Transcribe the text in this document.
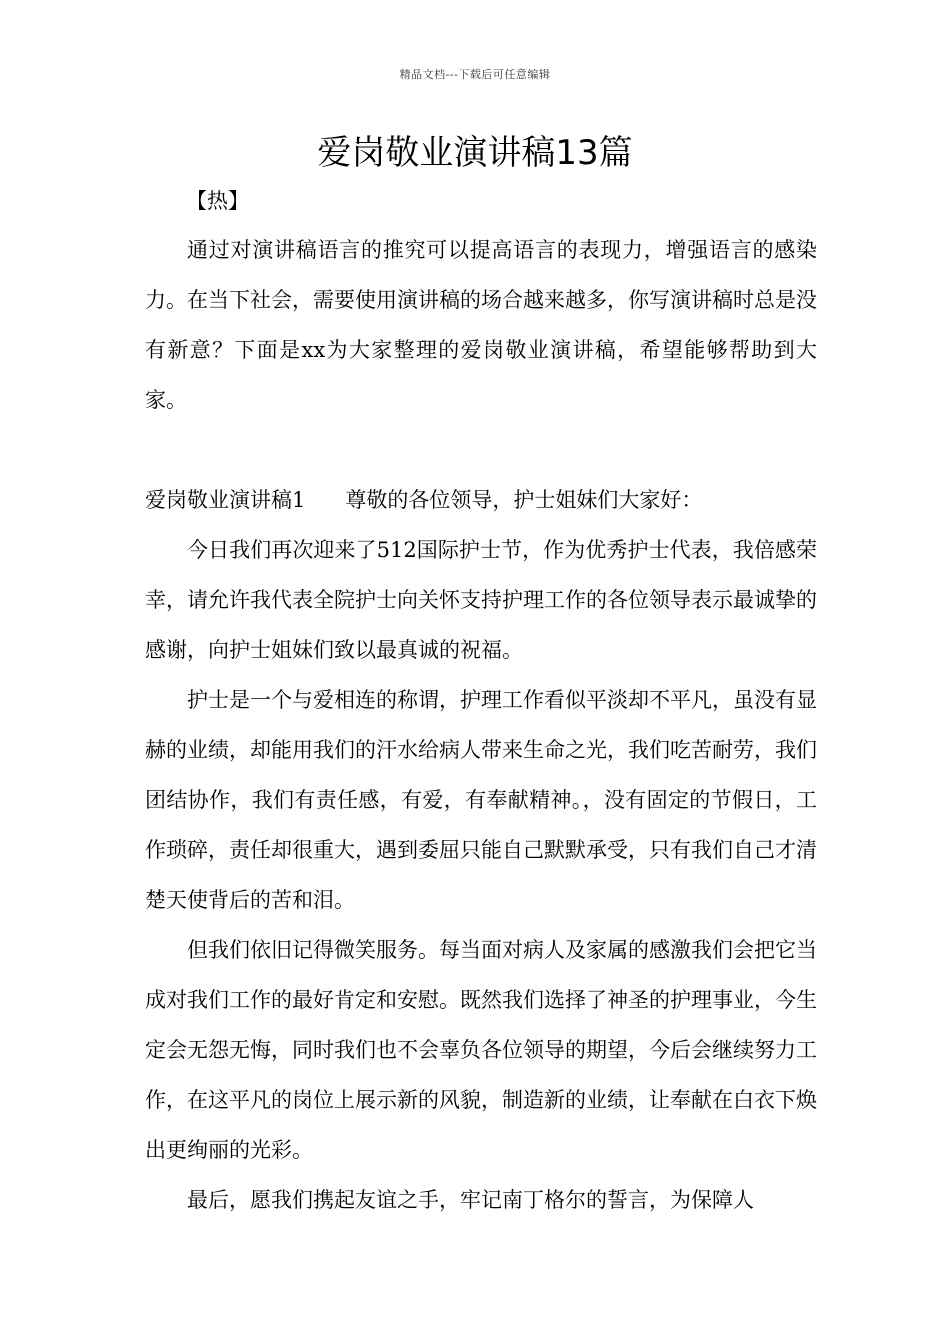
精品文档---下载后可任意编辑
爱岗敬业演讲稿13篇
【热】

通过对演讲稿语言的推究可以提高语言的表现力，增强语言的感染力。在当下社会，需要使用演讲稿的场合越来越多，你写演讲稿时总是没有新意？下面是xx为大家整理的爱岗敬业演讲稿，希望能够帮助到大家。

爱岗敬业演讲稿1 尊敬的各位领导，护士姐妹们大家好：

今日我们再次迎来了512国际护士节，作为优秀护士代表，我倍感荣幸，请允许我代表全院护士向关怀支持护理工作的各位领导表示最诚挚的感谢，向护士姐妹们致以最真诚的祝福。

护士是一个与爱相连的称谓，护理工作看似平淡却不平凡，虽没有显赫的业绩，却能用我们的汗水给病人带来生命之光，我们吃苦耐劳，我们团结协作，我们有责任感，有爱，有奉献精神。，没有固定的节假日，工作琐碎，责任却很重大，遇到委屈只能自己默默承受，只有我们自己才清楚天使背后的苦和泪。

但我们依旧记得微笑服务。每当面对病人及家属的感激我们会把它当成对我们工作的最好肯定和安慰。既然我们选择了神圣的护理事业，今生定会无怨无悔，同时我们也不会辜负各位领导的期望，今后会继续努力工作，在这平凡的岗位上展示新的风貌，制造新的业绩，让奉献在白衣下焕出更绚丽的光彩。

最后，愿我们携起友谊之手，牢记南丁格尔的誓言，为保障人
